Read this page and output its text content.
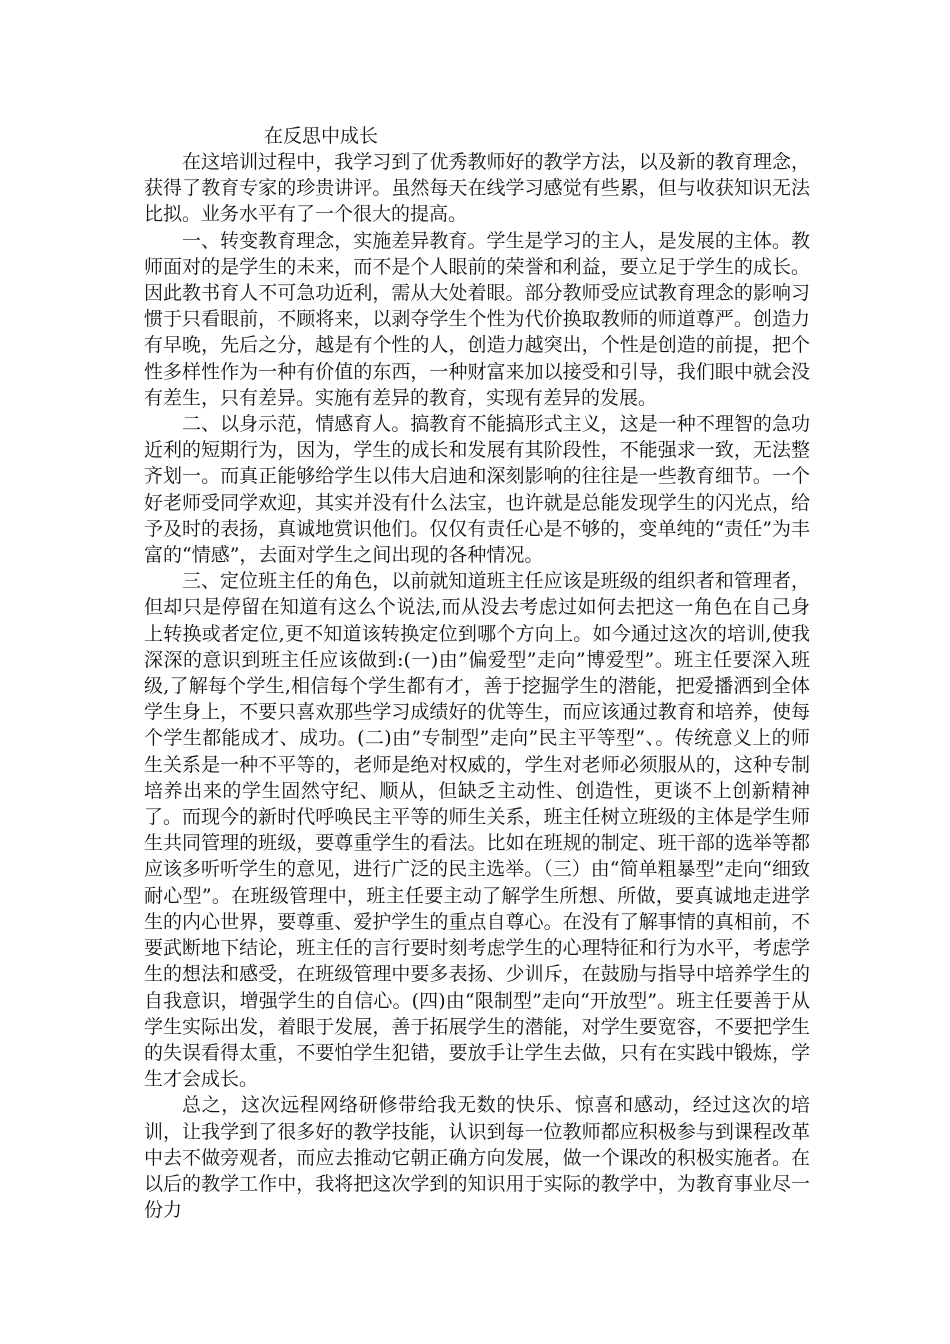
在反思中成长

在这培训过程中，我学习到了优秀教师好的教学方法，以及新的教育理念，获得了教育专家的珍贵讲评。虽然每天在线学习感觉有些累，但与收获知识无法比拟。业务水平有了一个很大的提高。

一、转变教育理念，实施差异教育。学生是学习的主人，是发展的主体。教师面对的是学生的未来，而不是个人眼前的荣誉和利益，要立足于学生的成长。因此教书育人不可急功近利，需从大处着眼。部分教师受应试教育理念的影响习惯于只看眼前，不顾将来，以剥夺学生个性为代价换取教师的师道尊严。创造力有早晚，先后之分，越是有个性的人，创造力越突出，个性是创造的前提，把个性多样性作为一种有价值的东西，一种财富来加以接受和引导，我们眼中就会没有差生，只有差异。实施有差异的教育，实现有差异的发展。

二、以身示范，情感育人。搞教育不能搞形式主义，这是一种不理智的急功近利的短期行为，因为，学生的成长和发展有其阶段性，不能强求一致，无法整齐划一。而真正能够给学生以伟大启迪和深刻影响的往往是一些教育细节。一个好老师受同学欢迎，其实并没有什么法宝，也许就是总能发现学生的闪光点，给予及时的表扬，真诚地赏识他们。仅仅有责任心是不够的，变单纯的“责任”为丰富的“情感”，去面对学生之间出现的各种情况。

三、定位班主任的角色，以前就知道班主任应该是班级的组织者和管理者，但却只是停留在知道有这么个说法,而从没去考虑过如何去把这一角色在自己身上转换或者定位,更不知道该转换定位到哪个方向上。如今通过这次的培训,使我深深的意识到班主任应该做到:(一)由”偏爱型”走向”博爱型”。班主任要深入班级,了解每个学生,相信每个学生都有才，善于挖掘学生的潜能，把爱播洒到全体学生身上，不要只喜欢那些学习成绩好的优等生，而应该通过教育和培养，使每个学生都能成才、成功。(二)由”专制型”走向”民主平等型”、。传统意义上的师生关系是一种不平等的，老师是绝对权威的，学生对老师必须服从的，这种专制培养出来的学生固然守纪、顺从，但缺乏主动性、创造性，更谈不上创新精神了。而现今的新时代呼唤民主平等的师生关系，班主任树立班级的主体是学生师生共同管理的班级，要尊重学生的看法。比如在班规的制定、班干部的选举等都应该多听听学生的意见，进行广泛的民主选举。（三）由“简单粗暴型”走向“细致耐心型”。在班级管理中，班主任要主动了解学生所想、所做，要真诚地走进学生的内心世界，要尊重、爱护学生的重点自尊心。在没有了解事情的真相前，不要武断地下结论，班主任的言行要时刻考虑学生的心理特征和行为水平，考虑学生的想法和感受，在班级管理中要多表扬、少训斥，在鼓励与指导中培养学生的自我意识，增强学生的自信心。(四)由“限制型”走向“开放型”。班主任要善于从学生实际出发，着眼于发展，善于拓展学生的潜能，对学生要宽容，不要把学生的失误看得太重，不要怕学生犯错，要放手让学生去做，只有在实践中锻炼，学生才会成长。

总之，这次远程网络研修带给我无数的快乐、惊喜和感动，经过这次的培训，让我学到了很多好的教学技能，认识到每一位教师都应积极参与到课程改革中去不做旁观者，而应去推动它朝正确方向发展，做一个课改的积极实施者。在以后的教学工作中，我将把这次学到的知识用于实际的教学中，为教育事业尽一份力
